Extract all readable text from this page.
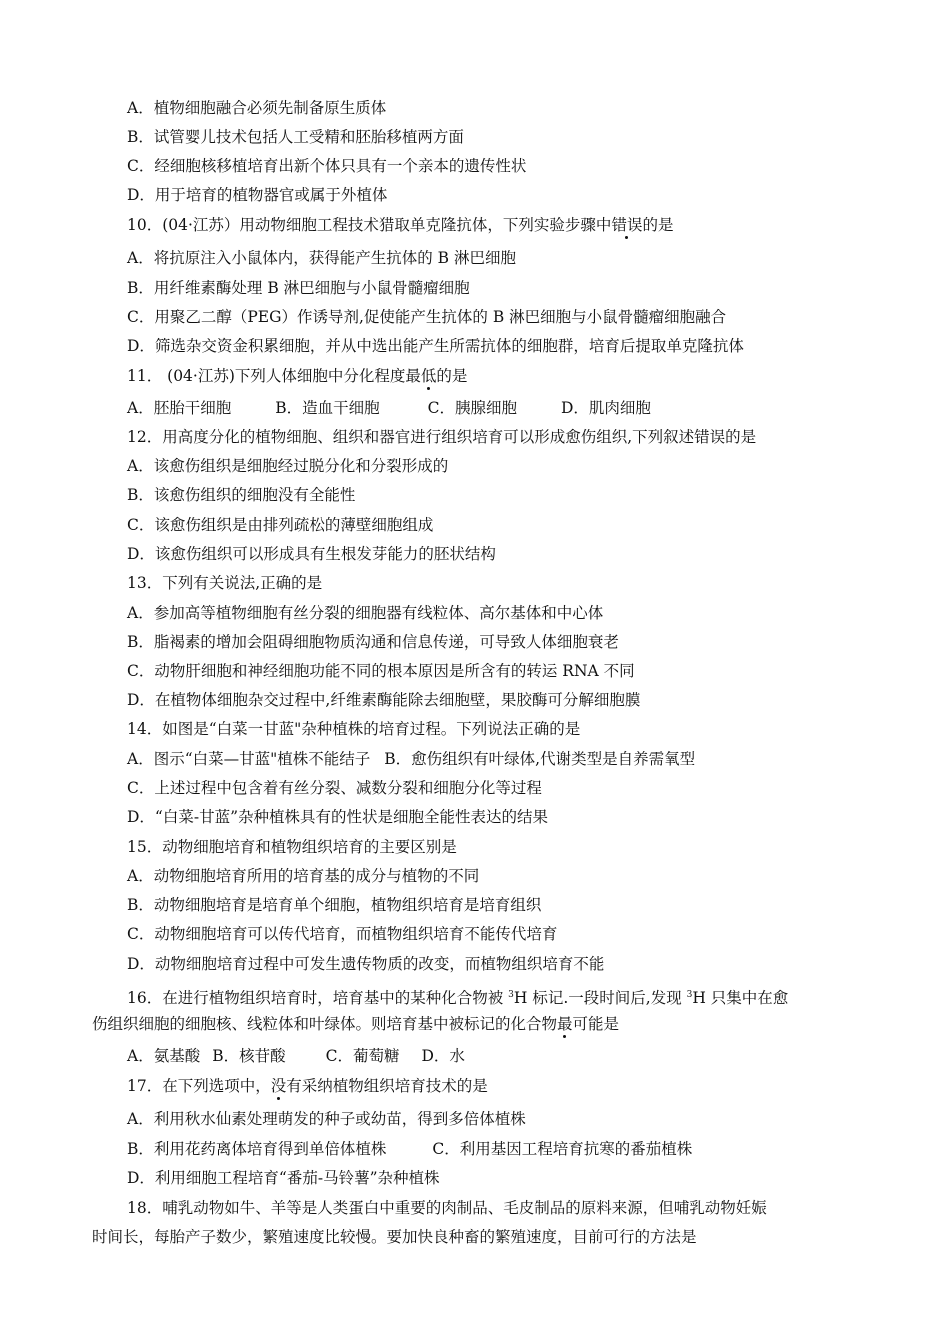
A．植物细胞融合必须先制备原生质体
B．试管婴儿技术包括人工受精和胚胎移植两方面
C．经细胞核移植培育出新个体只具有一个亲本的遗传性状
D．用于培育的植物器官或属于外植体
10．(04·江苏）用动物细胞工程技术猎取单克隆抗体，下列实验步骤中错误的是
A．将抗原注入小鼠体内，获得能产生抗体的 B 淋巴细胞
B．用纤维素酶处理 B 淋巴细胞与小鼠骨髓瘤细胞
C．用聚乙二醇（PEG）作诱导剂,促使能产生抗体的 B 淋巴细胞与小鼠骨髓瘤细胞融合
D．筛选杂交资金积累细胞，并从中选出能产生所需抗体的细胞群，培育后提取单克隆抗体
11． (04·江苏)下列人体细胞中分化程度最低的是
A．胚胎干细胞	B．造血干细胞	C．胰腺细胞	D．肌肉细胞
12．用高度分化的植物细胞、组织和器官进行组织培育可以形成愈伤组织,下列叙述错误的是
A．该愈伤组织是细胞经过脱分化和分裂形成的
B．该愈伤组织的细胞没有全能性
C．该愈伤组织是由排列疏松的薄壁细胞组成
D．该愈伤组织可以形成具有生根发芽能力的胚状结构
13．下列有关说法,正确的是
A．参加高等植物细胞有丝分裂的细胞器有线粒体、高尔基体和中心体
B．脂褐素的增加会阻碍细胞物质沟通和信息传递，可导致人体细胞衰老
C．动物肝细胞和神经细胞功能不同的根本原因是所含有的转运 RNA 不同
D．在植物体细胞杂交过程中,纤维素酶能除去细胞壁，果胶酶可分解细胞膜
14．如图是“白菜一甘蓝"杂种植株的培育过程。下列说法正确的是
A．图示“白菜—甘蓝"植株不能结子 B．愈伤组织有叶绿体,代谢类型是自养需氧型
C．上述过程中包含着有丝分裂、减数分裂和细胞分化等过程
D．“白菜-甘蓝”杂种植株具有的性状是细胞全能性表达的结果
15．动物细胞培育和植物组织培育的主要区别是
A．动物细胞培育所用的培育基的成分与植物的不同
B．动物细胞培育是培育单个细胞，植物组织培育是培育组织
C．动物细胞培育可以传代培育，而植物组织培育不能传代培育
D．动物细胞培育过程中可发生遗传物质的改变，而植物组织培育不能
16．在进行植物组织培育时，培育基中的某种化合物被 $^3$H 标记.一段时间后,发现 $^3$H 只集中在愈
伤组织细胞的细胞核、线粒体和叶绿体。则培育基中被标记的化合物最可能是
A．氨基酸 B．核苷酸	C．葡萄糖 D．水
17．在下列选项中，没有采纳植物组织培育技术的是
A．利用秋水仙素处理萌发的种子或幼苗，得到多倍体植株
B．利用花药离体培育得到单倍体植株	C．利用基因工程培育抗寒的番茄植株
D．利用细胞工程培育“番茄-马铃薯”杂种植株
18．哺乳动物如牛、羊等是人类蛋白中重要的肉制品、毛皮制品的原料来源，但哺乳动物妊娠
时间长，每胎产子数少，繁殖速度比较慢。要加快良种畜的繁殖速度，目前可行的方法是
